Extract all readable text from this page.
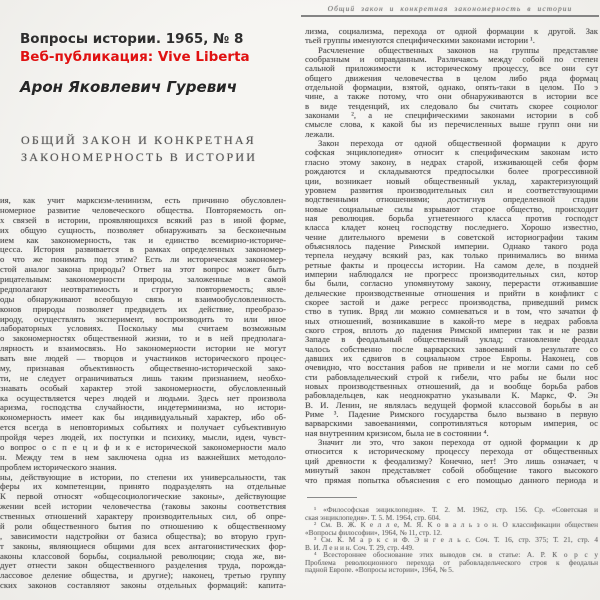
Вопросы истории. 1965, № 8
Веб-публикация: Vive Liberta
Арон Яковлевич Гуревич
ОБЩИЙ ЗАКОН И КОНКРЕТНАЯ
ЗАКОНОМЕРНОСТЬ В ИСТОРИИ
ия, как учит марксизм-ленинизм, есть причинно обусловлен-
номерное развитие человеческого общества. Повторяемость оп-
х связей в истории, проявляющихся всякий раз в иной форме,
их общую сущность, позволяет обнаруживать за бесконечным
ием как закономерность, так и единство всемирно-историче-
цесса. История развивается в рамках определенных закономер-
о что же понимать под этим? Есть ли историческая закономер-
стой аналог закона природы? Ответ на этот вопрос может быть
рицательным: закономерности природы, заложенные в самой
редполагают неотвратимость и строгую повторяемость; явле-
оды обнаруживают всеобщую связь и взаимообусловленность.
конов природы позволяет предвидеть их действие, преобразо-
ироду, осуществлять эксперимент, воспроизводить то или иное
лабораторных условиях. Поскольку мы считаем возможным
о закономерностях общественной жизни, то и в ней предполага-
лярность и взаимосвязь. Но закономерности истории не могут
вать вне людей — творцов и участников исторического процес-
му, признавая объективность общественно-исторической зако-
ти, не следует ограничиваться лишь таким признанием, необхо-
знавать особый характер этой закономерности, обусловленный
ка осуществляется через людей и людьми. Здесь нет произвола
аризма, господства случайности, индетерминизма, но истори-
кономерность имеет как бы индивидуальный характер, ибо об-
ется всегда в неповторимых событиях и получает субъективную
пройдя через людей, их поступки и психику, мысли, идеи, чувст-
о вопрос о с п е ц и ф и к е исторической закономерности мало
н. Между тем в нем заключена одна из важнейших методоло-
проблем исторического знания.
ны, действующие в истории, по степени их универсальности, так
феры их компетенции, принято подразделять на отдельные
К первой относят «общесоциологические законы», действующие
жении всей истории человечества (таковы законы соответствия
ственных отношений характеру производительных сил, об опре-
й роли общественного бытия по отношению к общественному
, зависимости надстройки от базиса общества); во вторую груп-
т законы, являющиеся общими для всех антагонистических фор-
аконы классовой борьбы, социальной революции; сюда же, ви-
дует отнести закон общественного разделения труда, порожда-
лассовое деление общества, и другие); наконец, третью группу
ских законов составляют законы отдельных формаций: капита-
Общий закон и конкретная закономерность в истории
лизма, социализма, перехода от одной формации к другой. Зак
тьей группы именуются специфическими законами истории ¹.
Расчленение общественных законов на группы представляе
сообразным и оправданным. Различаясь между собой по степен
сальной приложимости к историческому процессу, все они сут
общего движения человечества в целом либо ряда формац
отдельной формации, взятой, однако, опять-таки в целом. По э
чине, а также потому, что они обнаруживаются в истории все
в виде тенденций, их следовало бы считать скорее социолог
законами ², а не специфическими законами истории в соб
смысле слова, к какой бы из перечисленных выше групп они ни
лежали.
Закон перехода от одной общественной формации к друго
софская энциклопедия» относит к специфическим законам исто
гласно этому закону, в недрах старой, изживающей себя форм
рождаются и складываются предпосылки более прогрессивной
ции, возникает новый общественный уклад, характеризующий
уровнем развития производительных сил и соответствующими
водственными отношениями; достигнув определенной стадии
новые социальные силы взрывают старое общество, происходит
ная революция. борьба угнетенного класса против господст
класса кладет конец господству последнего. Хорошо известно,
чение длительного времени в советской историографии таким
объяснялось падение Римской империи. Однако такого рода
терпела неудачу всякий раз, как только принимались во внима
ретные факты и процессы истории. На самом деле, в поздней
империи наблюдался не прогресс производительных сил, котор
бы были, согласно упомянутому закону, перерасти отживавшие
дельческие производственные отношения и прийти в конфликт с
скорее застой и даже регресс производства, приведший римск
ство в тупик. Вряд ли можно сомневаться и в том, что зачатки ф
ных отношений, возникавшие в какой-то мере в недрах рабовла
ского строя, вплоть до падения Римской империи так и не разви
Западе в феодальный общественный уклад; становление феодал
чалось собственно после варварских завоеваний в результате со
давших их сдвигов в социальном строе Европы. Наконец, сов
очевидно, что восстания рабов не привели и не могли сами по себ
сти рабовладельческий строй к гибели, что рабы не были нос
новых производственных отношений, да и вообще борьба рабов
рабовладельцев, как неоднократно указывали К. Маркс, Ф. Эн
В. И. Ленин, не являлась ведущей формой классовой борьбы в ан
Риме ³. Падение Римского государства было вызвано в первую
варварскими завоеваниями, сопротивляться которым империя, ос
ная внутренним кризисом, была не в состоянии ⁴.
Значит ли это, что закон перехода от одной формации к др
относится к историческому процессу перехода от общественных
ций древности к феодализму? Конечно, нет! Это лишь означает, ч
минутый закон представляет собой обобщение такого высокого
что прямая попытка объяснения с его помощью данного периода и
¹ «Философская энциклопедия». Т. 2. М. 1962, стр. 156. Ср. «Советская и
ская энциклопедия». Т. 5. М. 1964, стр. 604.
² См. В. Ж. К е л л е, М. Я. К о в а л ь з о н. О классификации обществен
«Вопросы философии», 1964, № 11, стр. 12.
³ См. К. М а р к с и Ф. Э н г е л ь с. Соч. Т. 16, стр. 375; Т. 21, стр. 4
В. И. Л е н и н. Соч. Т. 29, стр. 449.
⁴ Всестороннее обоснование этих выводов см. в статье: А. Р. К о р с у
Проблема революционного перехода от рабовладельческого строя к феодальн
падной Европе. «Вопросы истории», 1964, № 5.
